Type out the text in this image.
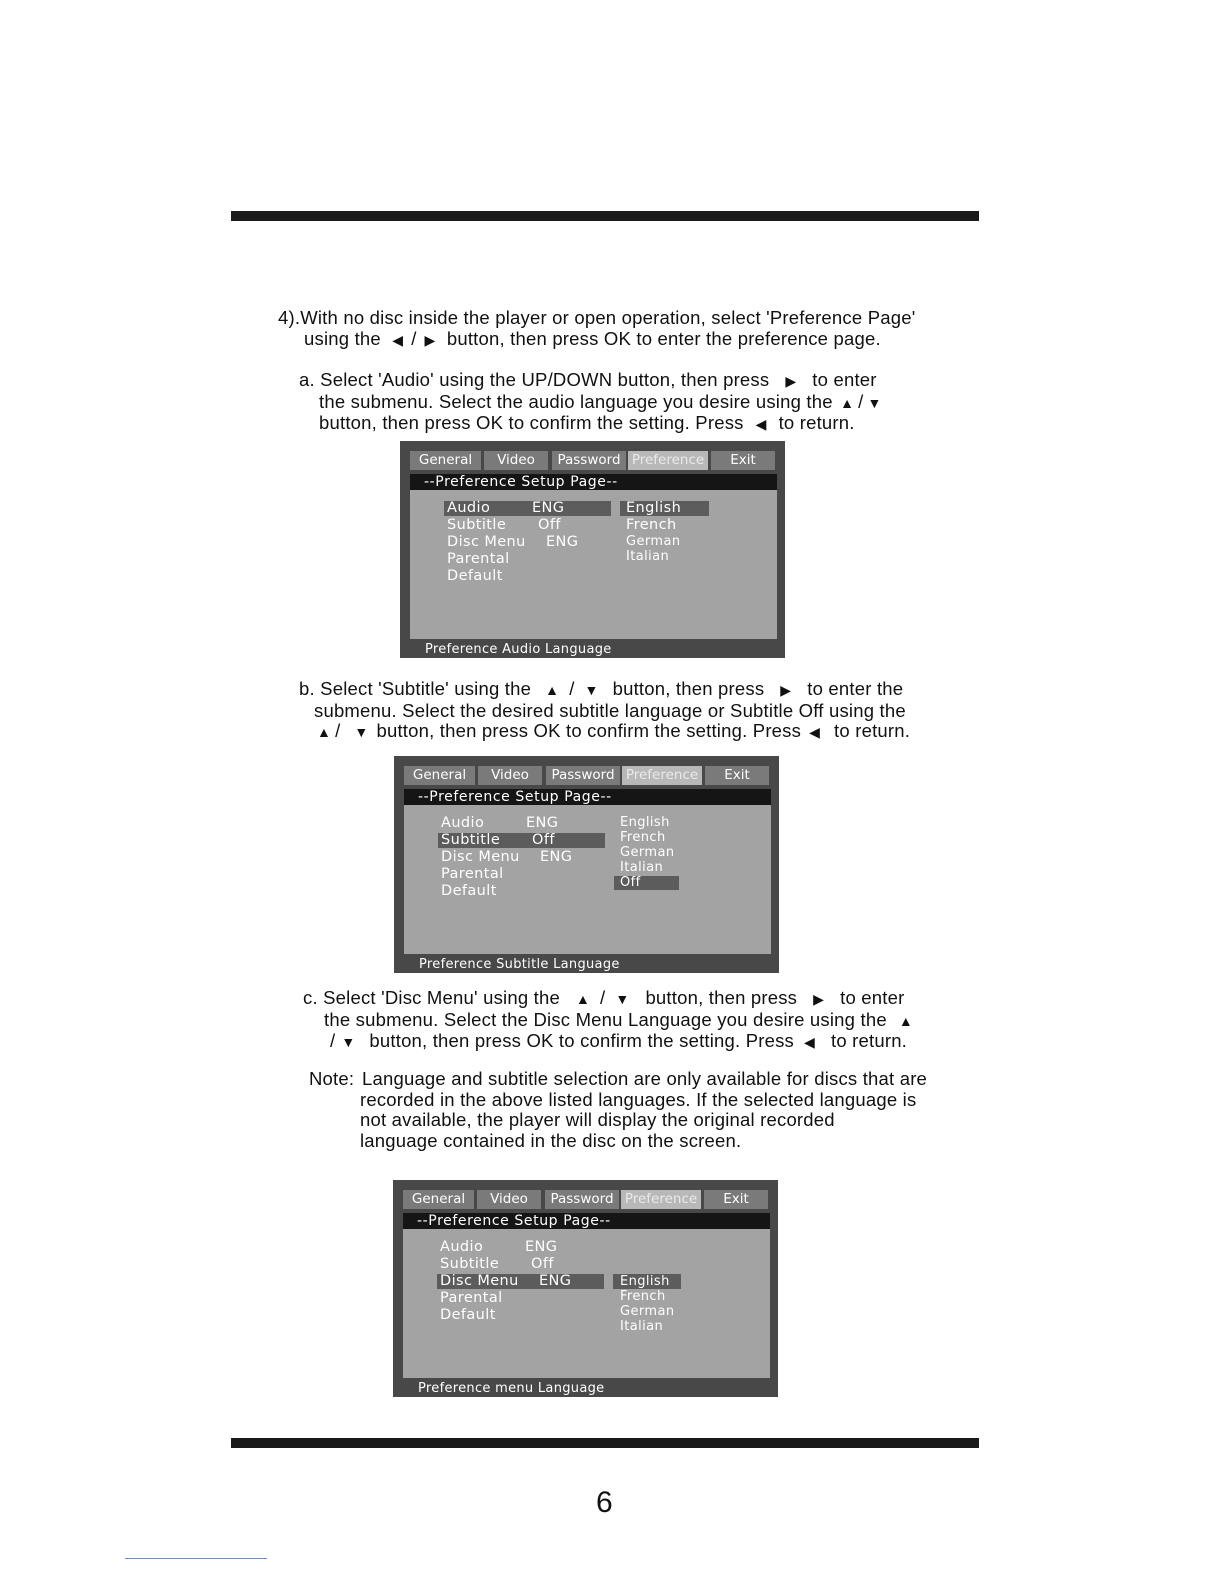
4).With no disc inside the player or open operation, select 'Preference Page'
using the ◀ / ▶ button, then press OK to enter the preference page.
a. Select 'Audio' using the UP/DOWN button, then press ▶ to enter
the submenu. Select the audio language you desire using the ▲ / ▼
button, then press OK to confirm the setting. Press ◀ to return.
General	Video	Password Preference	Exit
--Preference Setup Page--
Audio	ENG
Subtitle Off
Disc Menu ENG
Parental
Default
English
French
German
Italian
Preference Audio Language
b. Select 'Subtitle' using the ▲ / ▼ button, then press ▶ to enter the
submenu. Select the desired subtitle language or Subtitle Off using the
▲ / ▼ button, then press OK to confirm the setting. Press ◀ to return.
General	Video	Password Preference	Exit
--Preference Setup Page--
Audio	ENG
Subtitle Off
Disc Menu ENG
Parental
Default
English
French
German
Italian
Off
Preference Subtitle Language
c. Select 'Disc Menu' using the ▲ / ▼ button, then press ▶ to enter
the submenu. Select the Disc Menu Language you desire using the ▲
/ ▼ button, then press OK to confirm the setting. Press ◀ to return.
Note: Language and subtitle selection are only available for discs that are
recorded in the above listed languages. If the selected language is
not available, the player will display the original recorded
language contained in the disc on the screen.
General	Video	Password Preference	Exit
--Preference Setup Page--
Audio	ENG
Subtitle Off
Disc Menu ENG
Parental
Default
English
French
German
Italian
Preference menu Language
6
